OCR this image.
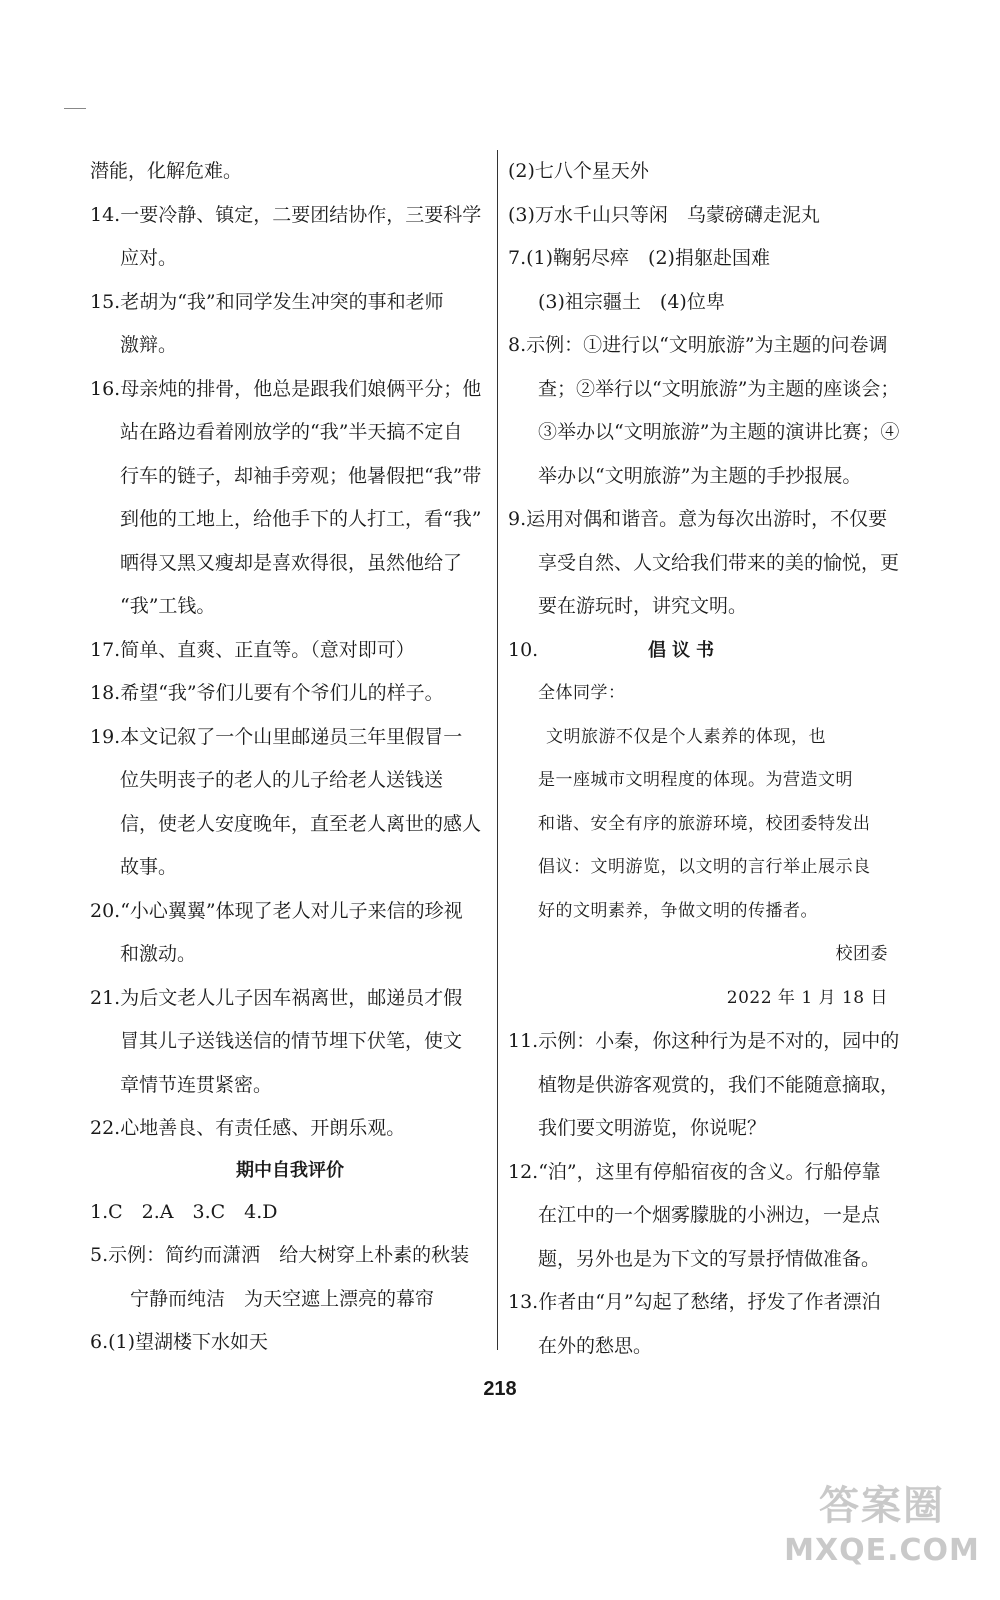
潜能，化解危难。
14.一要冷静、镇定，二要团结协作，三要科学
应对。
15.老胡为“我”和同学发生冲突的事和老师
激辩。
16.母亲炖的排骨，他总是跟我们娘俩平分；他
站在路边看着刚放学的“我”半天搞不定自
行车的链子，却袖手旁观；他暑假把“我”带
到他的工地上，给他手下的人打工，看“我”
晒得又黑又瘦却是喜欢得很，虽然他给了
“我”工钱。
17.简单、直爽、正直等。（意对即可）
18.希望“我”爷们儿要有个爷们儿的样子。
19.本文记叙了一个山里邮递员三年里假冒一
位失明丧子的老人的儿子给老人送钱送
信，使老人安度晚年，直至老人离世的感人
故事。
20.“小心翼翼”体现了老人对儿子来信的珍视
和激动。
21.为后文老人儿子因车祸离世，邮递员才假
冒其儿子送钱送信的情节埋下伏笔，使文
章情节连贯紧密。
22.心地善良、有责任感、开朗乐观。
期中自我评价
1.C　2.A　3.C　4.D
5.示例：简约而潇洒　给大树穿上朴素的秋装
宁静而纯洁　为天空遮上漂亮的幕帘
6.(1)望湖楼下水如天
(2)七八个星天外
(3)万水千山只等闲　乌蒙磅礴走泥丸
7.(1)鞠躬尽瘁　(2)捐躯赴国难
(3)祖宗疆土　(4)位卑
8.示例：①进行以“文明旅游”为主题的问卷调
查；②举行以“文明旅游”为主题的座谈会；
③举办以“文明旅游”为主题的演讲比赛；④
举办以“文明旅游”为主题的手抄报展。
9.运用对偶和谐音。意为每次出游时，不仅要
享受自然、人文给我们带来的美的愉悦，更
要在游玩时，讲究文明。
10.	倡议书
全体同学：
文明旅游不仅是个人素养的体现，也
是一座城市文明程度的体现。为营造文明
和谐、安全有序的旅游环境，校团委特发出
倡议：文明游览，以文明的言行举止展示良
好的文明素养，争做文明的传播者。
校团委
2022 年 1 月 18 日
11.示例：小秦，你这种行为是不对的，园中的
植物是供游客观赏的，我们不能随意摘取，
我们要文明游览，你说呢？
12.“泊”，这里有停船宿夜的含义。行船停靠
在江中的一个烟雾朦胧的小洲边，一是点
题，另外也是为下文的写景抒情做准备。
13.作者由“月”勾起了愁绪，抒发了作者漂泊
在外的愁思。
218
答案圈
MXQE.COM
